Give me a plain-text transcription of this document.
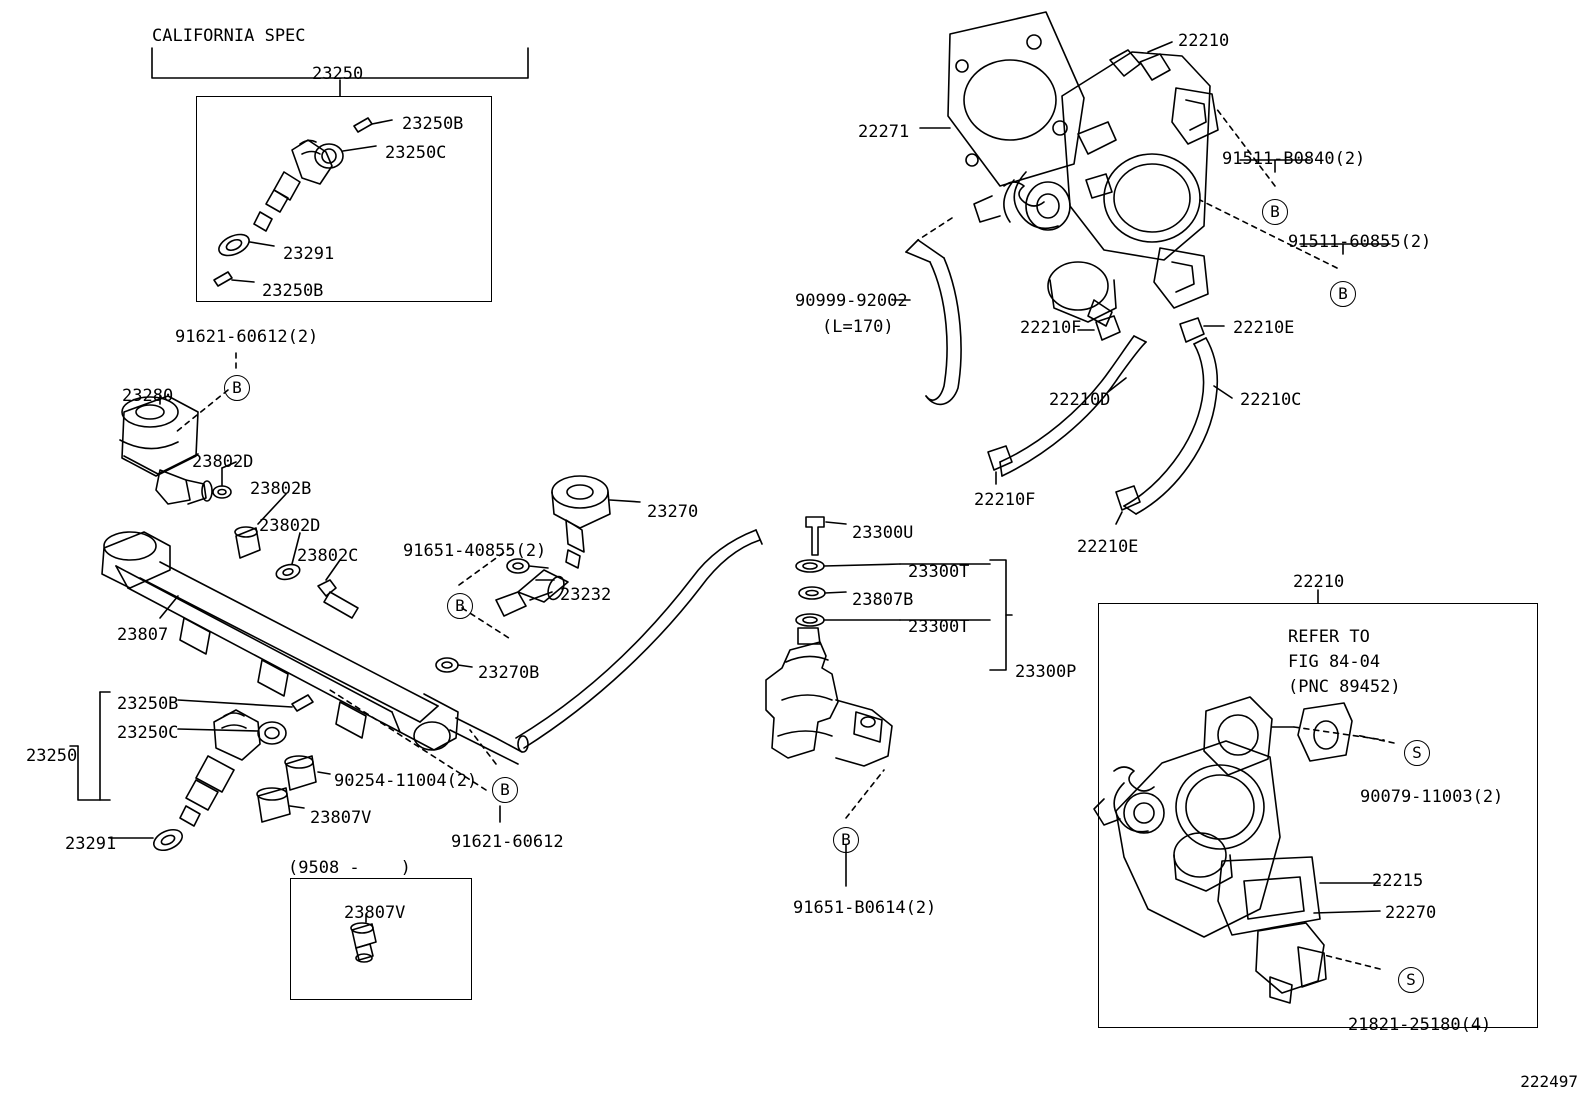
CALIFORNIA SPEC
23250
23250B
23250C
23291
23250B
91621-60612(2)
23280
23802D
23802B
23802D
23802C
23807
23250B
23250C
23250
23291
90254-11004(2)
23807V
91621-60612
(9508 -    )
23807V
23270
91651-40855(2)
23232
23270B
23300U
23300T
23807B
23300T
23300P
91651-B0614(2)
22210
22271
91511-B0840(2)
91511-60855(2)
90999-92002
(L=170)	22210F	22210E
22210D	22210C
22210F
22210E
22210
REFER TO
FIG 84-04
(PNC 89452)
90079-11003(2)
22215
22270
21821-25180(4)
B
B
B
B
B
B
S
S
222497
